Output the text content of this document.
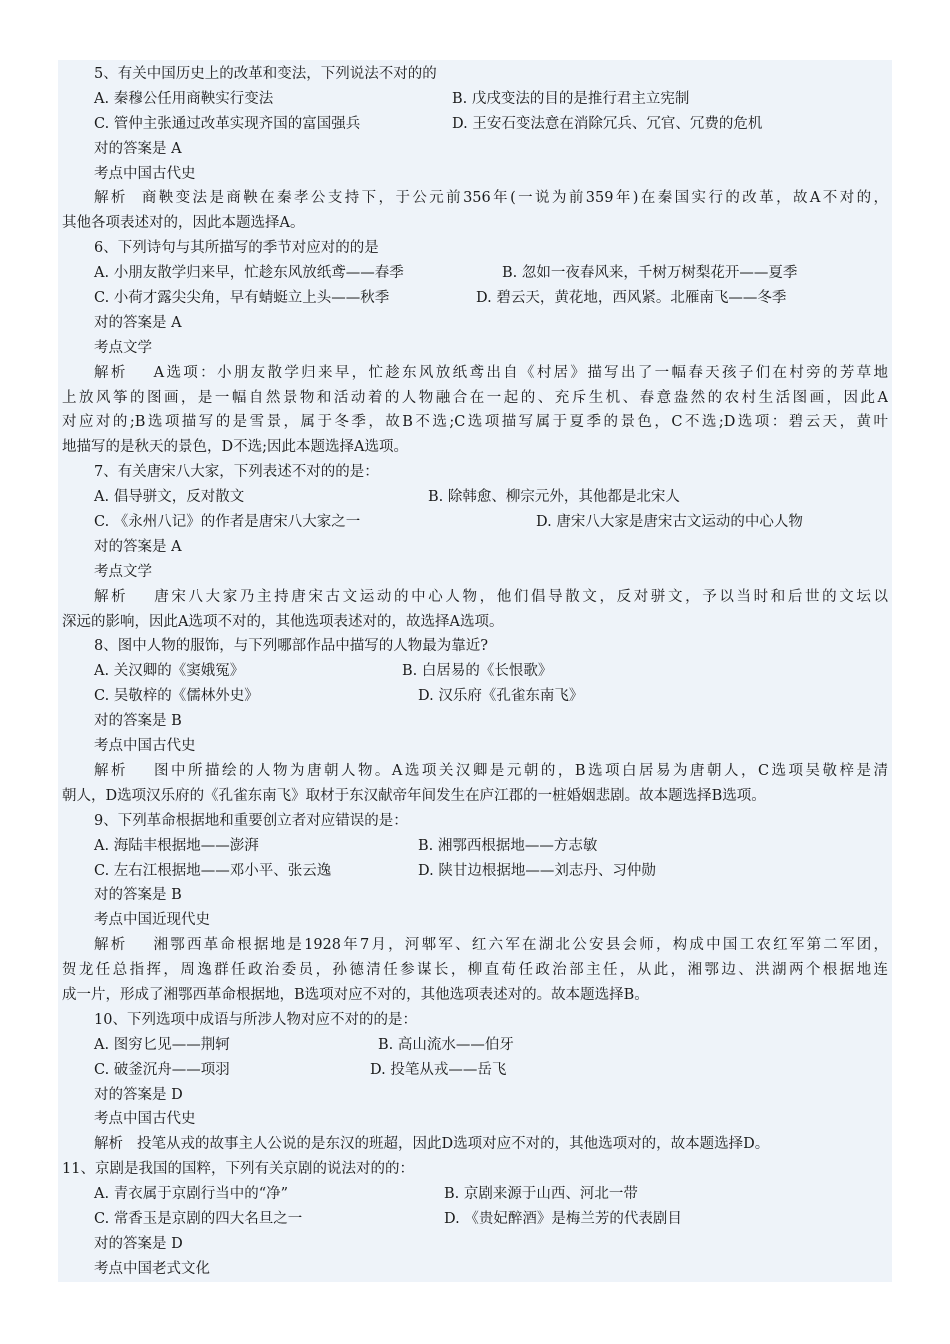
5、有关中国历史上的改革和变法，下列说法不对的的
A. 秦穆公任用商鞅实行变法	B. 戊戌变法的目的是推行君主立宪制
C. 管仲主张通过改革实现齐国的富国强兵	D. 王安石变法意在消除冗兵、冗官、冗费的危机
对的答案是 A
考点中国古代史
解析 商鞅变法是商鞅在秦孝公支持下，于公元前356年(一说为前359年)在秦国实行的改革，故A不对的，
其他各项表述对的，因此本题选择A。
6、下列诗句与其所描写的季节对应对的的是
A. 小朋友散学归来早，忙趁东风放纸鸢——春季	B. 忽如一夜春风来，千树万树梨花开——夏季
C. 小荷才露尖尖角，早有蜻蜓立上头——秋季	D. 碧云天，黄花地，西风紧。北雁南飞——冬季
对的答案是 A
考点文学
解析 A选项：小朋友散学归来早，忙趁东风放纸鸢出自《村居》描写出了一幅春天孩子们在村旁的芳草地
上放风筝的图画，是一幅自然景物和活动着的人物融合在一起的、充斥生机、春意盎然的农村生活图画，因此A
对应对的;B选项描写的是雪景，属于冬季，故B不选;C选项描写属于夏季的景色，C不选;D选项：碧云天，黄叶
地描写的是秋天的景色，D不选;因此本题选择A选项。
7、有关唐宋八大家，下列表述不对的的是：
A. 倡导骈文，反对散文	B. 除韩愈、柳宗元外，其他都是北宋人
C. 《永州八记》的作者是唐宋八大家之一	D. 唐宋八大家是唐宋古文运动的中心人物
对的答案是 A
考点文学
解析 唐宋八大家乃主持唐宋古文运动的中心人物，他们倡导散文，反对骈文，予以当时和后世的文坛以
深远的影响，因此A选项不对的，其他选项表述对的，故选择A选项。
8、图中人物的服饰，与下列哪部作品中描写的人物最为靠近?
A. 关汉卿的《窦娥冤》	B. 白居易的《长恨歌》
C. 吴敬梓的《儒林外史》	D. 汉乐府《孔雀东南飞》
对的答案是 B
考点中国古代史
解析 图中所描绘的人物为唐朝人物。A选项关汉卿是元朝的，B选项白居易为唐朝人，C选项吴敬梓是清
朝人，D选项汉乐府的《孔雀东南飞》取材于东汉献帝年间发生在庐江郡的一桩婚姻悲剧。故本题选择B选项。
9、下列革命根据地和重要创立者对应错误的是：
A. 海陆丰根据地——澎湃	B. 湘鄂西根据地——方志敏
C. 左右江根据地——邓小平、张云逸	D. 陕甘边根据地——刘志丹、习仲勋
对的答案是 B
考点中国近现代史
解析 湘鄂西革命根据地是1928年7月，河郫军、红六军在湖北公安县会师，构成中国工农红军第二军团，
贺龙任总指挥，周逸群任政治委员，孙德清任参谋长，柳直荀任政治部主任，从此，湘鄂边、洪湖两个根据地连
成一片，形成了湘鄂西革命根据地，B选项对应不对的，其他选项表述对的。故本题选择B。
10、下列选项中成语与所涉人物对应不对的的是：
A. 图穷匕见——荆轲	B. 高山流水——伯牙
C. 破釜沉舟——项羽	D. 投笔从戎——岳飞
对的答案是 D
考点中国古代史
解析 投笔从戎的故事主人公说的是东汉的班超，因此D选项对应不对的，其他选项对的，故本题选择D。
11、京剧是我国的国粹，下列有关京剧的说法对的的：
A. 青衣属于京剧行当中的“净”	B. 京剧来源于山西、河北一带
C. 常香玉是京剧的四大名旦之一	D. 《贵妃醉酒》是梅兰芳的代表剧目
对的答案是 D
考点中国老式文化
